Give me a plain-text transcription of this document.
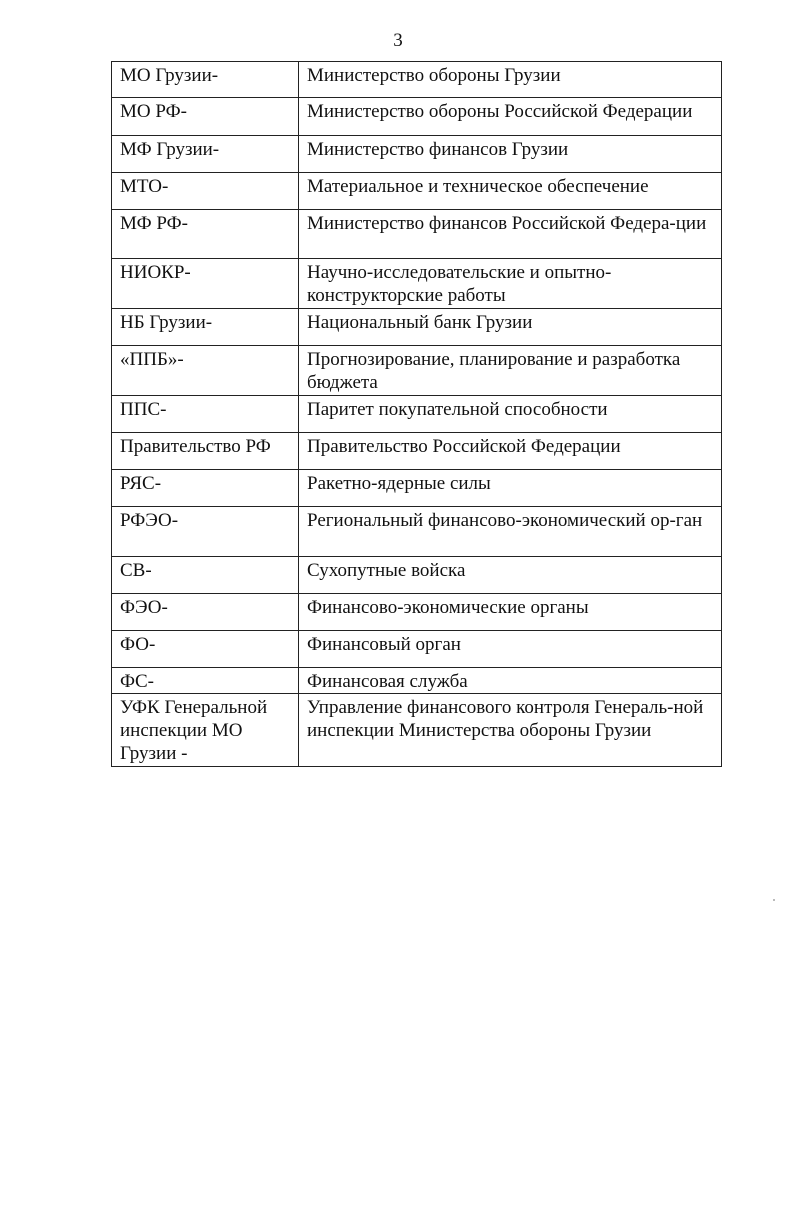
3
МО Грузии-	Министерство обороны Грузии
МО РФ-	Министерство обороны Российской Федерации
МФ Грузии-	Министерство финансов Грузии
МТО-	Материальное и техническое обеспечение
МФ РФ-	Министерство финансов Российской Федера-ции
НИОКР-	Научно-исследовательские и опытно-конструкторские работы
НБ Грузии-	Национальный банк Грузии
«ППБ»-	Прогнозирование, планирование и разработка бюджета
ППС-	Паритет покупательной способности
Правительство РФ	Правительство Российской Федерации
РЯС-	Ракетно-ядерные силы
РФЭО-	Региональный финансово-экономический ор-ган
СВ-	Сухопутные войска
ФЭО-	Финансово-экономические органы
ФО-	Финансовый орган
ФС-	Финансовая служба
УФК Генеральной инспекции МО Грузии -	Управление финансового контроля Генераль-ной инспекции Министерства обороны Грузии
